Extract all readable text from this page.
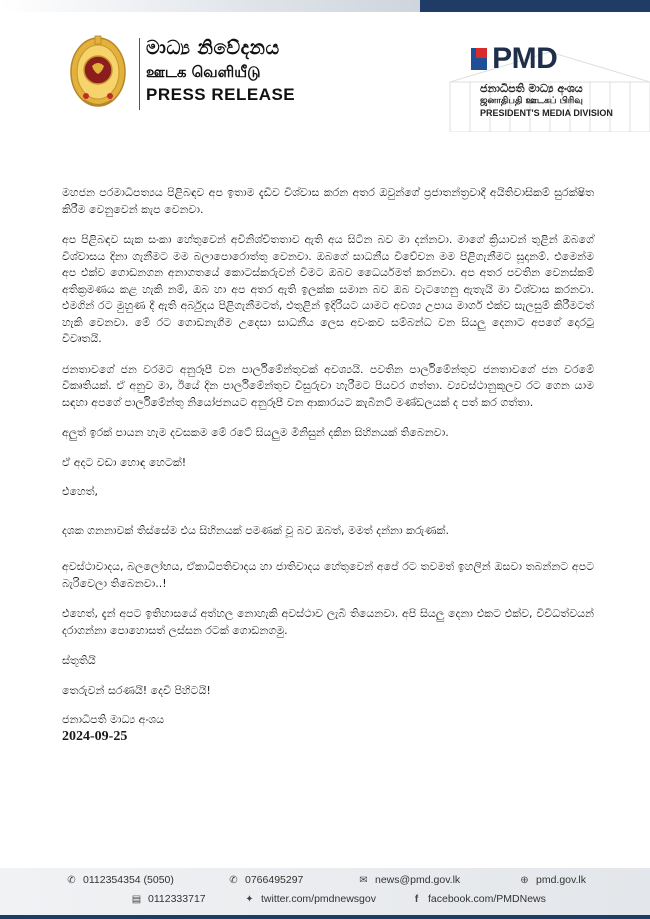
මාධ්‍ය නිවේදනය
ஊடக வெளியீடு
PRESS RELEASE
PMD
ජනාධිපති මාධ්‍ය අංශය
ஜனாதிபதி ஊடகப் பிரிவு
PRESIDENT'S MEDIA DIVISION

මහජන පරමාධිපත්‍යය පිළිබඳව අප ඉතාම දැඩිව විශ්වාස කරන අතර ඔවුන්ගේ ප්‍රජාතන්ත්‍රවාදී අයිතිවාසිකම් සුරක්ෂිත කිරීම වෙනුවෙන් කැප වෙනවා.

අප පිළිබඳව සැක සංකා හේතුවෙන් අවිනිශ්චිතතාව ඇති අය සිටින බව මා දන්නවා. මාගේ ක්‍රියාවන් තුළින් ඔබගේ විශ්වාසය දිනා ගැනීමට මම බලාපොරොත්තු වෙනවා. ඔබගේ සාධනීය විවේචන මම පිළිගැනීමට සූදානම්. එමෙන්ම අප එක්ව ගොඩනගන අනාගතයේ කොටස්කරුවන් වීමට ඔබව ධෛර්යමත් කරනවා. අප අතර පවතින වෙනස්කම් අතික්‍රමණය කළ හැකි නම්, ඔබ හා අප අතර ඇති ඉලක්ක සමාන බව ඔබ වැටහෙනු ඇතැයි මා විශ්වාස කරනවා. එමගින් රට මුහුණ දී ඇති අර්බුදය පිළිගැනීමටත්, එතුළින් ඉදිරියට යාමට අවශ්‍ය උපාය මාර්ග එක්ව සැලසුම් කිරීමටත් හැකි වෙනවා. මේ රට ගොඩනැගීම උදෙසා සාධනීය ලෙස අවංකව සම්බන්ධ වන සියලු දෙනාට අපගේ දොරටු විවෘතයි.

ජනතාවගේ ජන වරමට අනුරූපී වන පාර්ලිමේන්තුවක් අවශ්‍යයි. පවතින පාර්ලිමේන්තුව ජනතාවගේ ජන වරමේ විකෘතියක්. ඒ අනුව මා, ඊයේ දින පාර්ලිමේන්තුව විසුරුවා හැරීමට පියවර ගත්තා. ව්‍යවස්ථානුකූලව රට ගෙන යාම සඳහා අපගේ පාර්ලිමේන්තු නියෝජනයට අනුරූපී වන ආකාරයට කැබිනට් මණ්ඩලයක් ද පත් කර ගත්තා.

අලුත් ඉරක් පායන හැම දවසකම මේ රටේ සියලුම මිනිසුන් දකින සිහිනයක් තිබෙනවා.

ඒ අදට වඩා හොඳ හෙටක්!

එහෙත්,

දශක ගනනාවක් තිස්සේම එය සිහිනයක් පමණක් වූ බව ඔබත්, මමත් දන්නා කරුණක්.

අවස්ථාවාදය, බලලෝභය, ඒකාධිපතිවාදය හා ජාතිවාදය හේතුවෙන් අපේ රට තවමත් ඉහලින් ඔසවා තබන්නට අපට බැරිවෙලා තිබෙනවා..!

එහෙත්, දැන් අපට ඉතිහාසයේ අත්හල නොහැකි අවස්ථාව ලැබී තියෙනවා. අපි සියලු දෙනා එකට එක්ව, විවිධත්වයන් දරාගන්නා පොහොසත් ලස්සන රටක් ගොඩනගමු.

ස්තූතියි

තෙරුවන් සරණයි! දෙවි පිහිටයි!

ජනාධිපති මාධ්‍ය අංශය
2024-09-25
✆ 0112354354 (5050)	✆ 0766495297	✉ news@pmd.gov.lk	⊕ pmd.gov.lk
▤ 0112333717	✦ twitter.com/pmdnewsgov	f facebook.com/PMDNews
